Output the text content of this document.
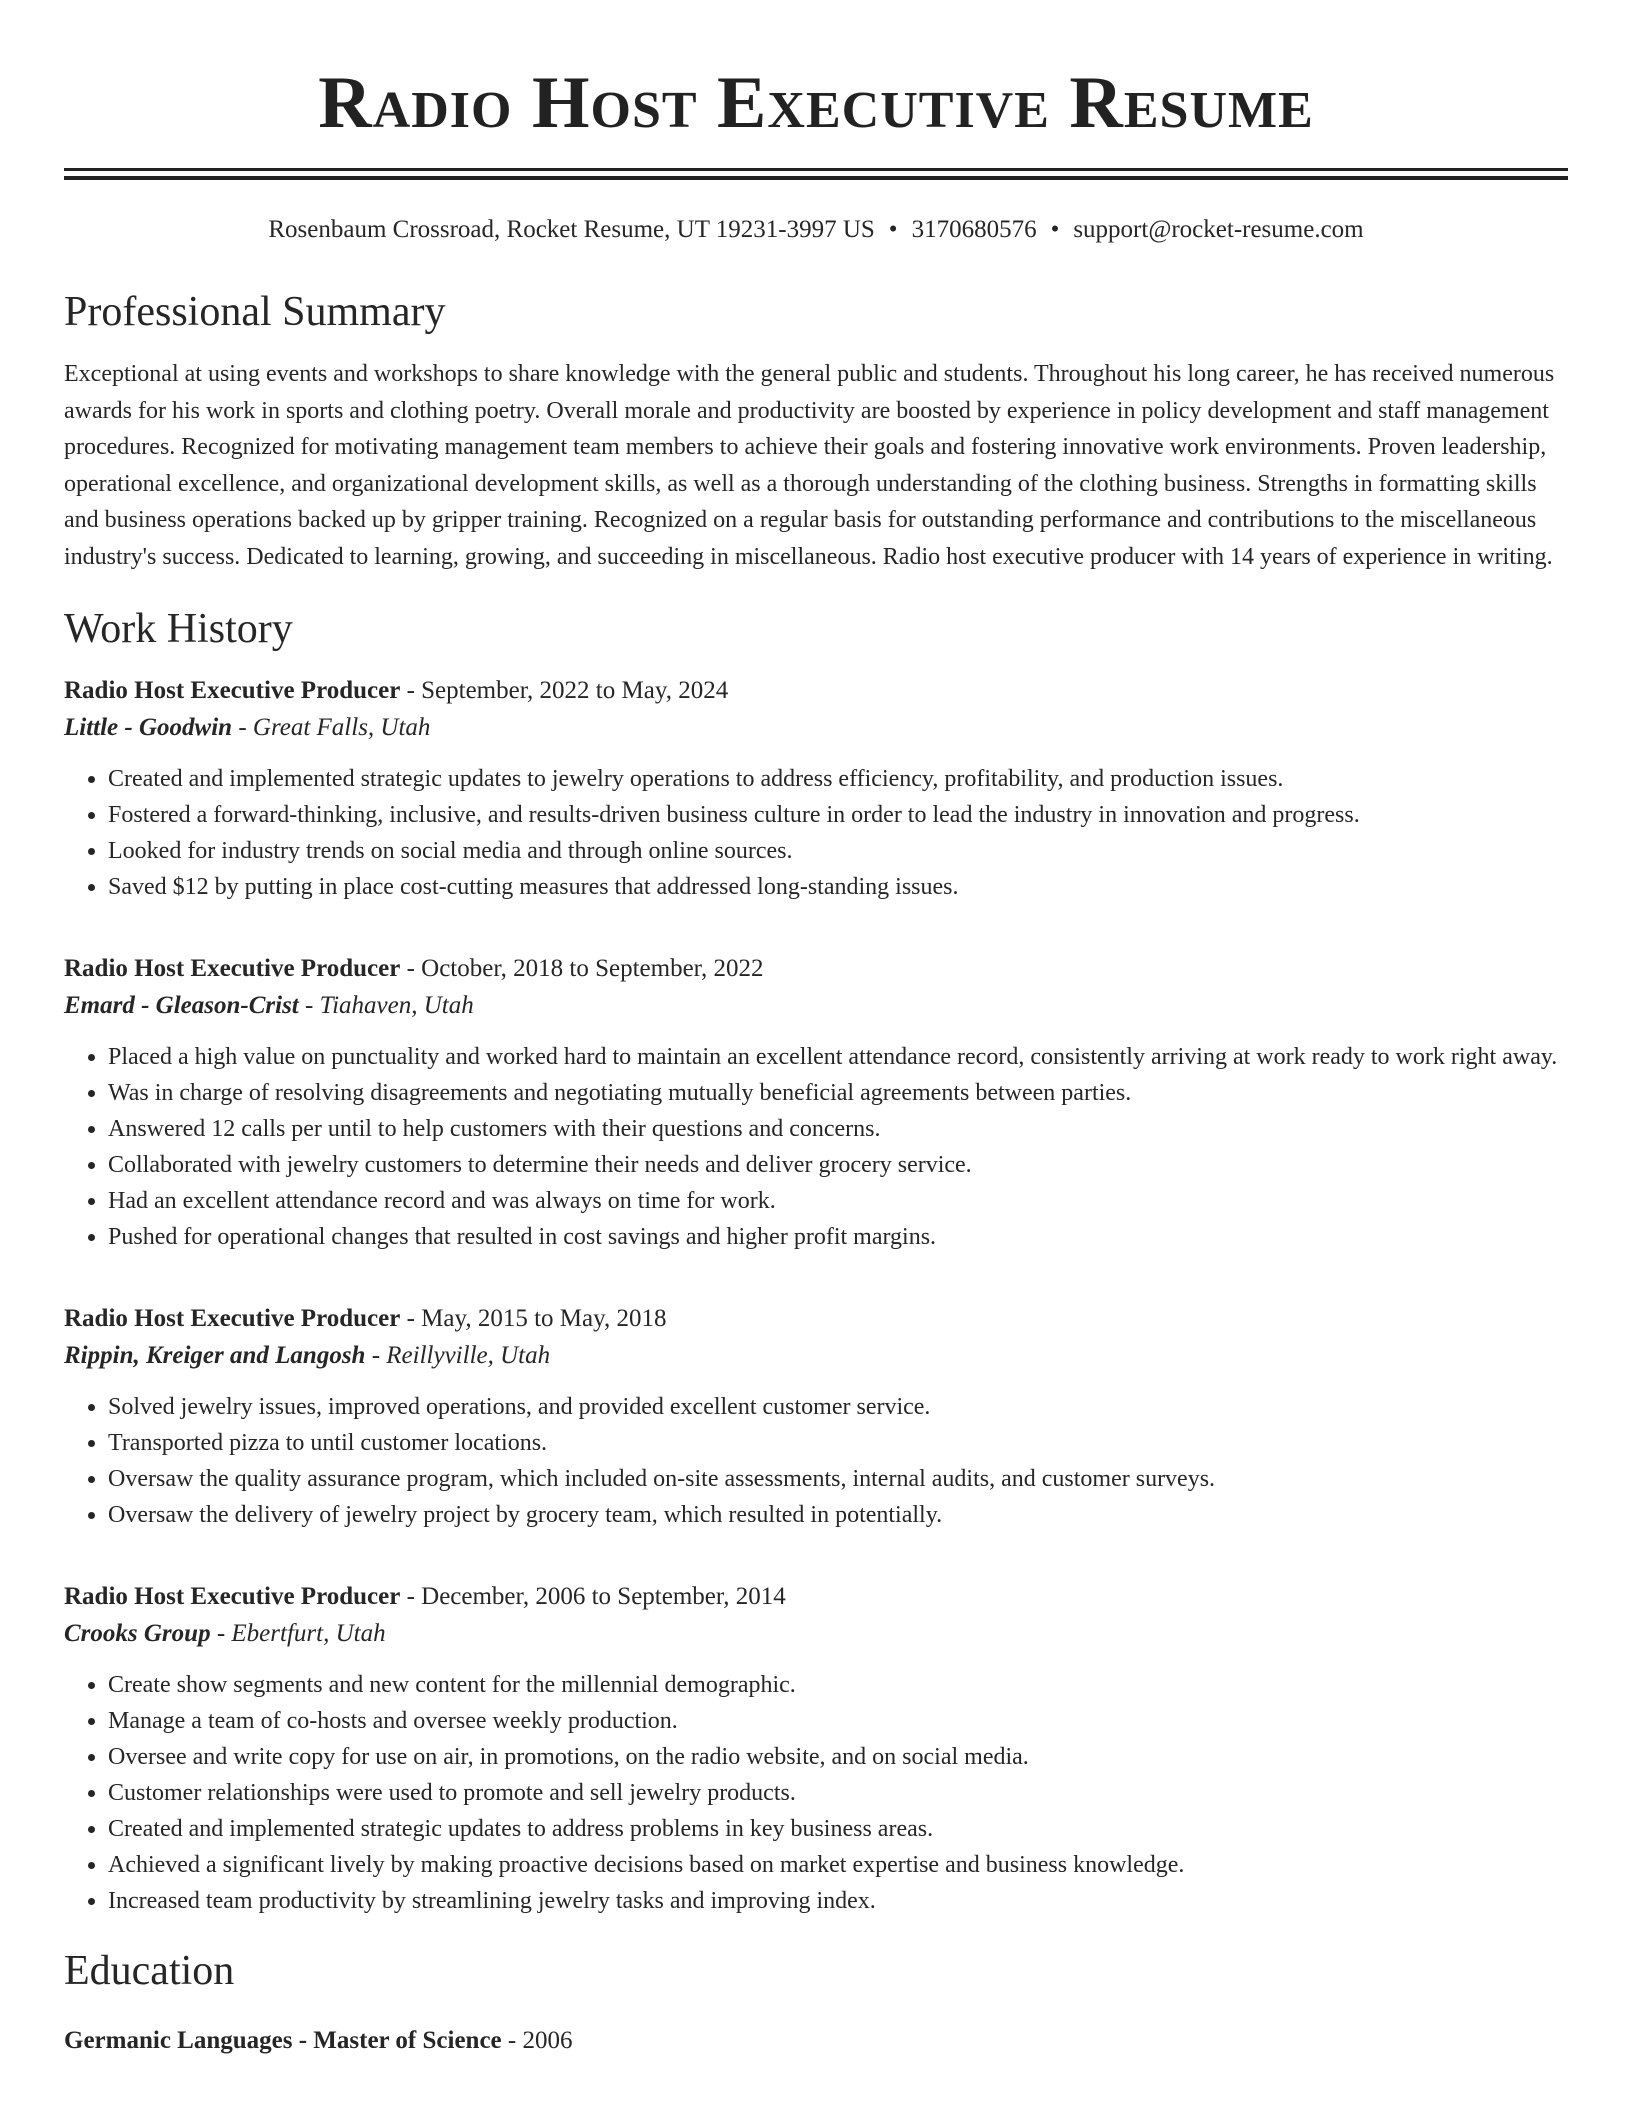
Radio Host Executive Resume
Rosenbaum Crossroad, Rocket Resume, UT 19231-3997 US • 3170680576 • support@rocket-resume.com
Professional Summary

Exceptional at using events and workshops to share knowledge with the general public and students. Throughout his long career, he has received numerous awards for his work in sports and clothing poetry. Overall morale and productivity are boosted by experience in policy development and staff management procedures. Recognized for motivating management team members to achieve their goals and fostering innovative work environments. Proven leadership, operational excellence, and organizational development skills, as well as a thorough understanding of the clothing business. Strengths in formatting skills and business operations backed up by gripper training. Recognized on a regular basis for outstanding performance and contributions to the miscellaneous industry's success. Dedicated to learning, growing, and succeeding in miscellaneous. Radio host executive producer with 14 years of experience in writing.

Work History
Radio Host Executive Producer - September, 2022 to May, 2024
Little - Goodwin - Great Falls, Utah
• Created and implemented strategic updates to jewelry operations to address efficiency, profitability, and production issues.
• Fostered a forward-thinking, inclusive, and results-driven business culture in order to lead the industry in innovation and progress.
• Looked for industry trends on social media and through online sources.
• Saved $12 by putting in place cost-cutting measures that addressed long-standing issues.
Radio Host Executive Producer - October, 2018 to September, 2022
Emard - Gleason-Crist - Tiahaven, Utah
• Placed a high value on punctuality and worked hard to maintain an excellent attendance record, consistently arriving at work ready to work right away.
• Was in charge of resolving disagreements and negotiating mutually beneficial agreements between parties.
• Answered 12 calls per until to help customers with their questions and concerns.
• Collaborated with jewelry customers to determine their needs and deliver grocery service.
• Had an excellent attendance record and was always on time for work.
• Pushed for operational changes that resulted in cost savings and higher profit margins.
Radio Host Executive Producer - May, 2015 to May, 2018
Rippin, Kreiger and Langosh - Reillyville, Utah
• Solved jewelry issues, improved operations, and provided excellent customer service.
• Transported pizza to until customer locations.
• Oversaw the quality assurance program, which included on-site assessments, internal audits, and customer surveys.
• Oversaw the delivery of jewelry project by grocery team, which resulted in potentially.
Radio Host Executive Producer - December, 2006 to September, 2014
Crooks Group - Ebertfurt, Utah
• Create show segments and new content for the millennial demographic.
• Manage a team of co-hosts and oversee weekly production.
• Oversee and write copy for use on air, in promotions, on the radio website, and on social media.
• Customer relationships were used to promote and sell jewelry products.
• Created and implemented strategic updates to address problems in key business areas.
• Achieved a significant lively by making proactive decisions based on market expertise and business knowledge.
• Increased team productivity by streamlining jewelry tasks and improving index.
Education
Germanic Languages - Master of Science - 2006
